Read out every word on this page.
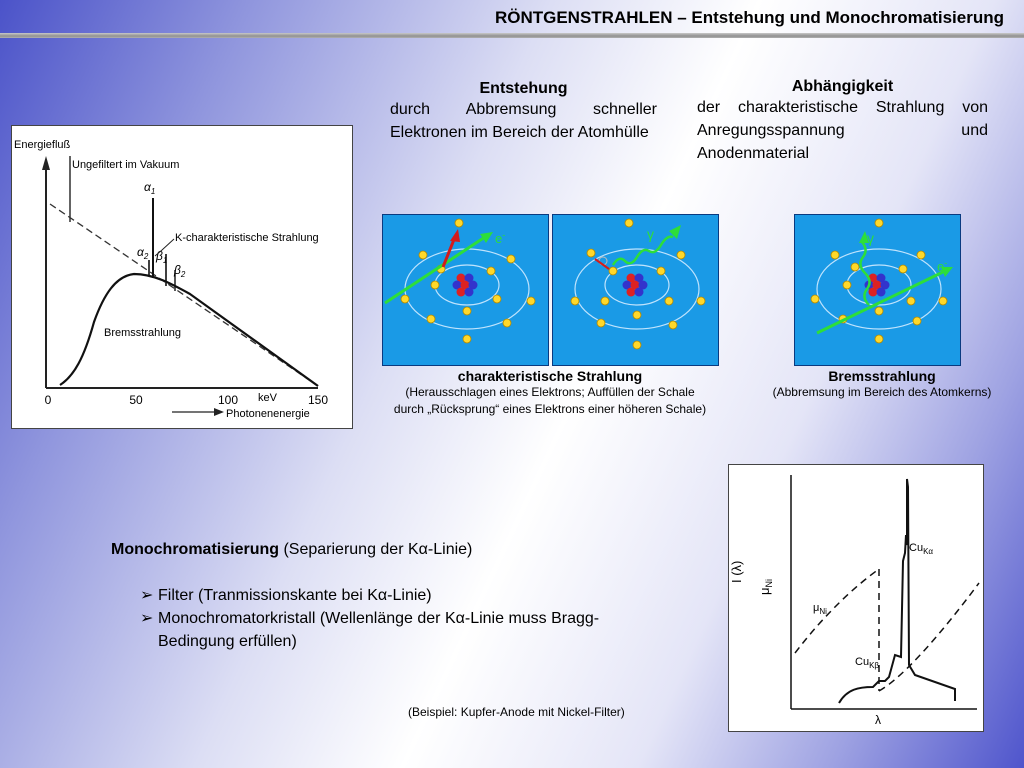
RÖNTGENSTRAHLEN – Entstehung und Monochromatisierung
Entstehung
durch Abbremsung schneller Elektronen im Bereich der Atomhülle
Abhängigkeit
der charakteristische Strahlung von Anregungsspannung und Anodenmaterial
Energiefluß
Ungefiltert im Vakuum
$\alpha_1$
$\alpha_2$ $\beta_1$
$\beta_2$
K-charakteristische Strahlung
Bremsstrahlung
0	50	100	150
keV
Photonenenergie
e-	γ	γ
e-
charakteristische Strahlung
(Herausschlagen eines Elektrons; Auffüllen der Schale
durch „Rücksprung“ eines Elektrons einer höheren Schale)
Bremsstrahlung
(Abbremsung im Bereich des Atomkerns)
Monochromatisierung (Separierung der Kα-Linie)
➢ Filter (Tranmissionskante bei Kα-Linie)
➢ Monochromatorkristall (Wellenlänge der Kα-Linie muss Bragg-Bedingung erfüllen)
(Beispiel: Kupfer-Anode mit Nickel-Filter)
I (λ)
$\mu_{Ni}$
$Cu_{K\alpha}$
$\mu_{Ni}$
$Cu_{K\beta}$
λ
